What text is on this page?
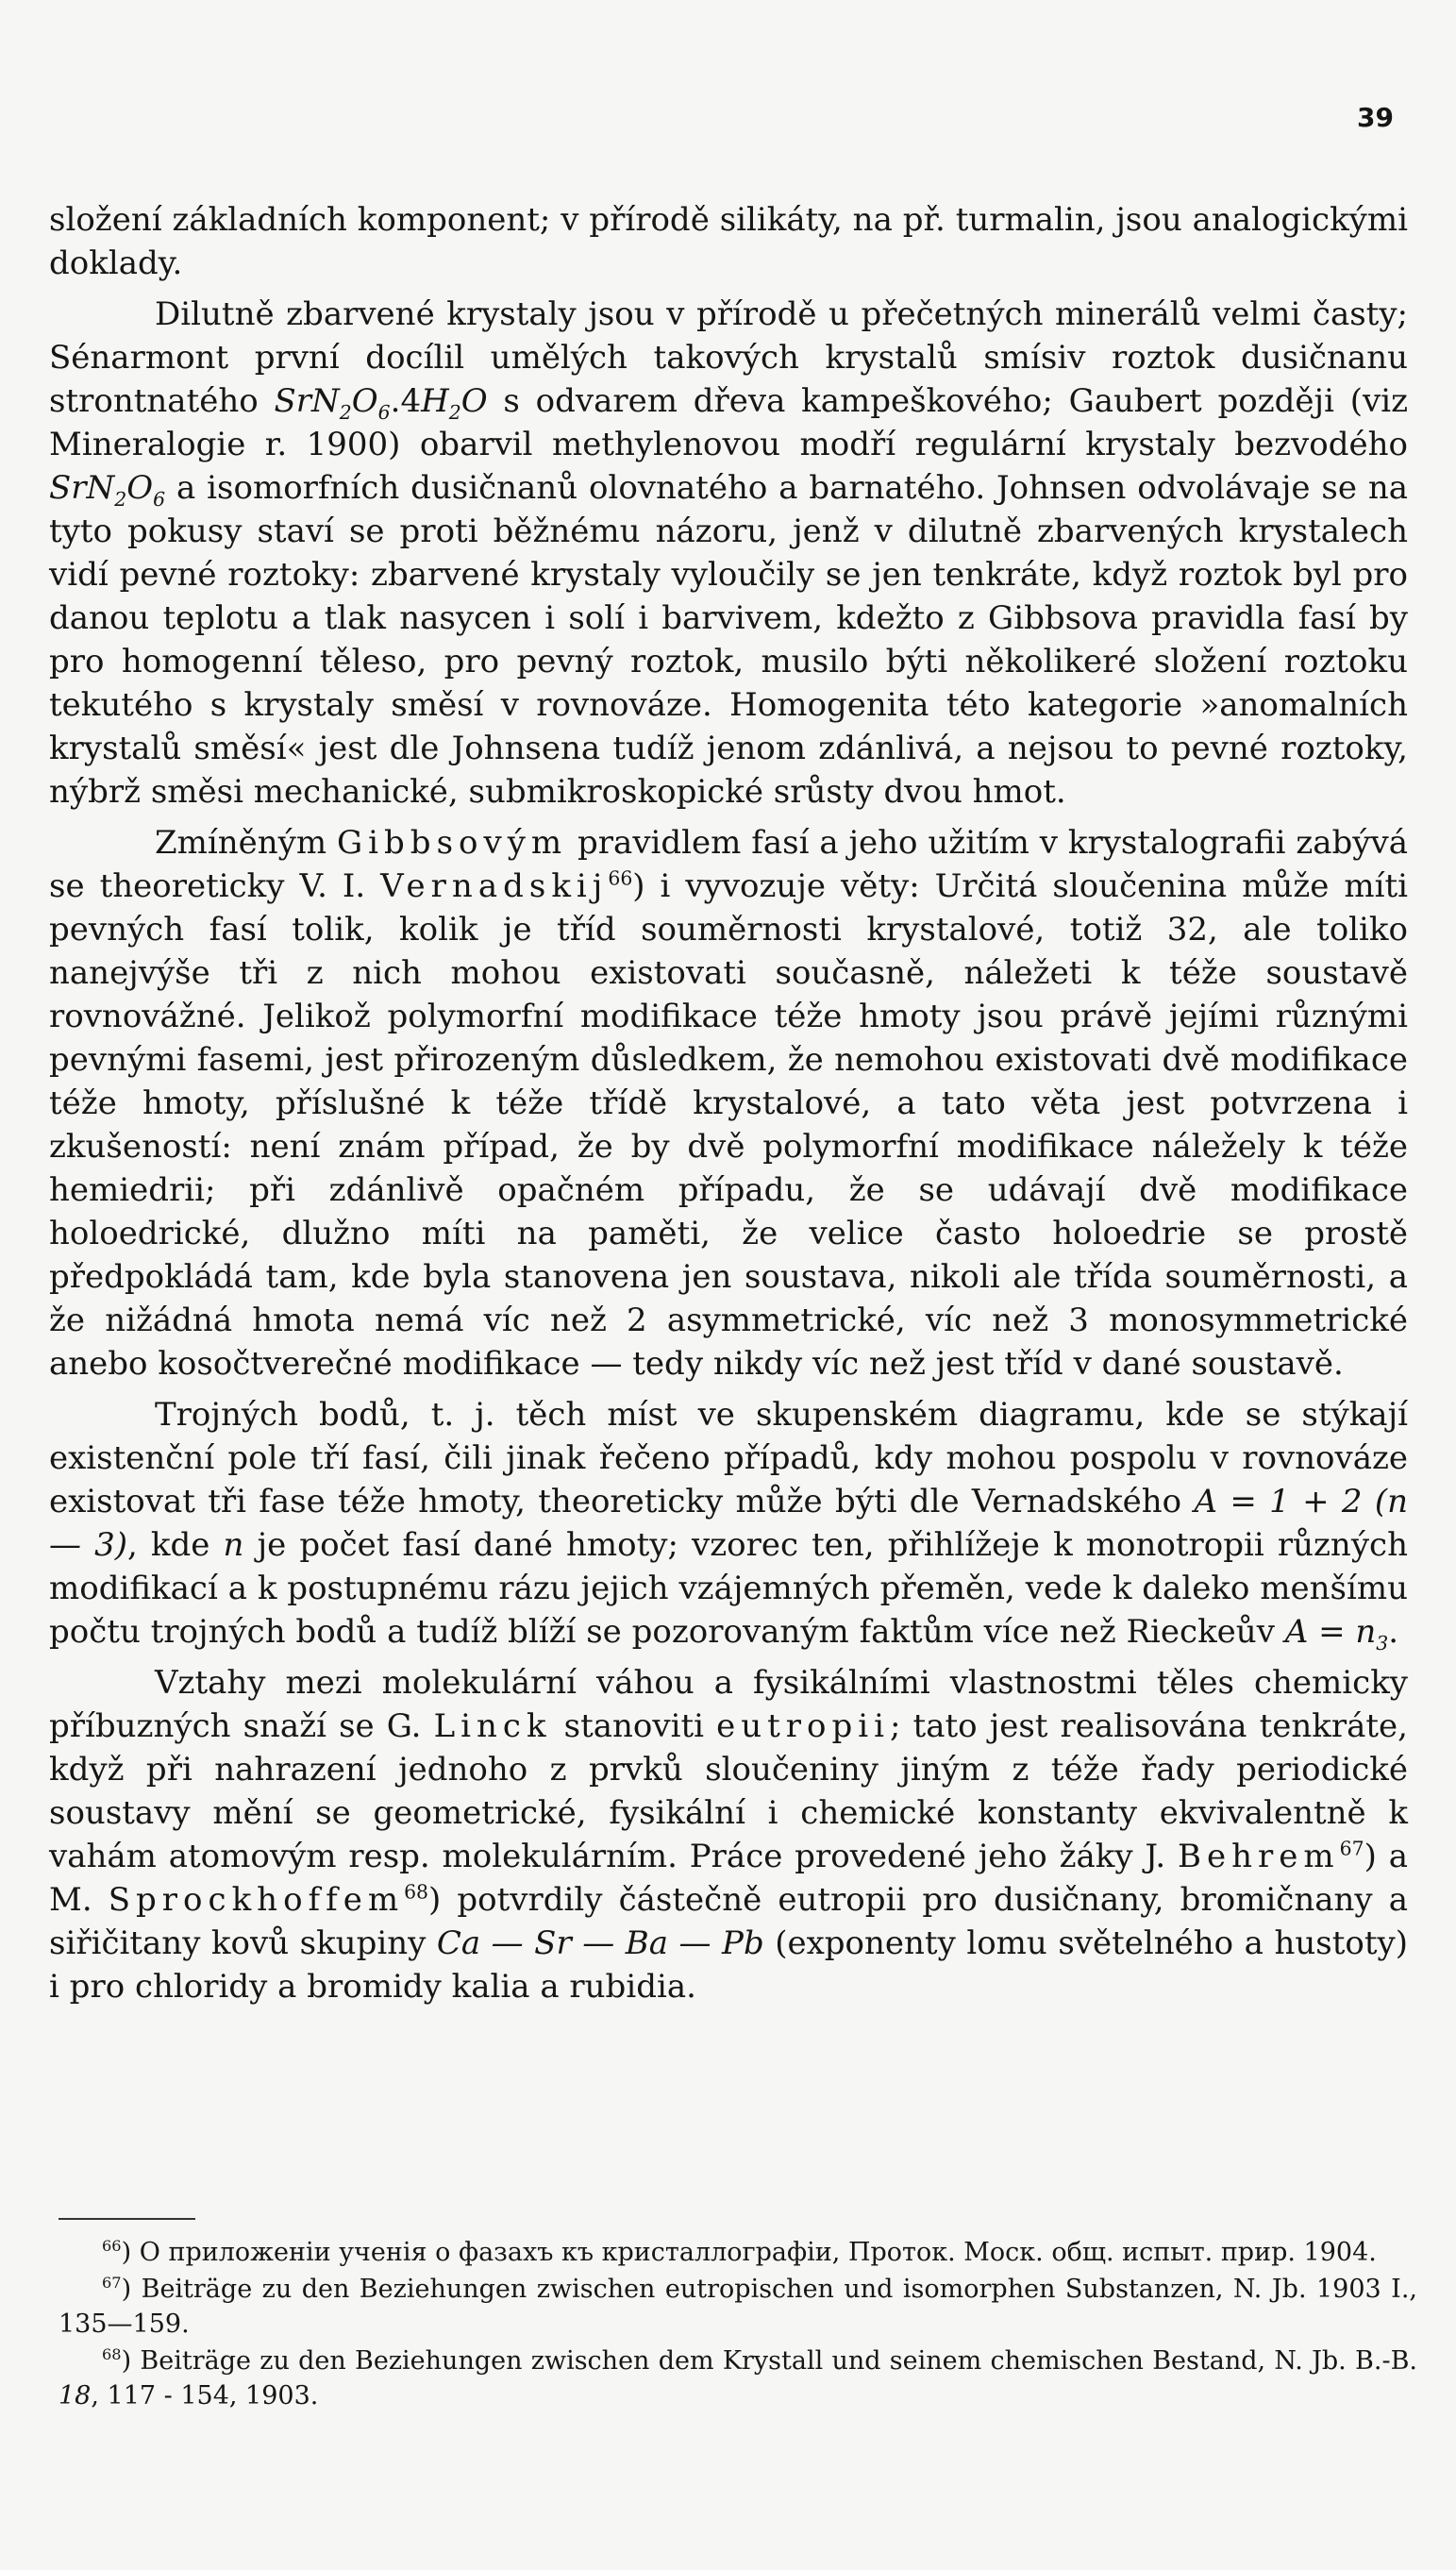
39

složení základních komponent; v přírodě silikáty, na př. turmalin, jsou analogickými doklady.

Dilutně zbarvené krystaly jsou v přírodě u přečetných minerálů velmi časty; Sénarmont první docílil umělých takových krystalů smísiv roztok dusičnanu strontnatého $SrN_2O_6.4H_2O$ s odvarem dřeva kampeškového; Gaubert později (viz Mineralogie r. 1900) obarvil methylenovou modří regulární krystaly bezvodého $SrN_2O_6$ a isomorfních dusičnanů olovnatého a barnatého. Johnsen odvolávaje se na tyto pokusy staví se proti běžnému názoru, jenž v dilutně zbarvených krystalech vidí pevné roztoky: zbarvené krystaly vyloučily se jen tenkráte, když roztok byl pro danou teplotu a tlak nasycen i solí i barvivem, kdežto z Gibbsova pravidla fasí by pro homogenní těleso, pro pevný roztok, musilo býti několikeré složení roztoku tekutého s krystaly směsí v rovnováze. Homogenita této kategorie »anomalních krystalů směsí« jest dle Johnsena tudíž jenom zdánlivá, a nejsou to pevné roztoky, nýbrž směsi mechanické, submikroskopické srůsty dvou hmot.

Zmíněným Gibbsovým pravidlem fasí a jeho užitím v krystalografii zabývá se theoreticky V. I. Vernadskij$^{66}$) i vyvozuje věty: Určitá sloučenina může míti pevných fasí tolik, kolik je tříd souměrnosti krystalové, totiž 32, ale toliko nanejvýše tři z nich mohou existovati současně, náležeti k téže soustavě rovnovážné. Jelikož polymorfní modifikace téže hmoty jsou právě jejími různými pevnými fasemi, jest přirozeným důsledkem, že nemohou existovati dvě modifikace téže hmoty, příslušné k téže třídě krystalové, a tato věta jest potvrzena i zkušeností: není znám případ, že by dvě polymorfní modifikace náležely k téže hemiedrii; při zdánlivě opačném případu, že se udávají dvě modifikace holoedrické, dlužno míti na paměti, že velice často holoedrie se prostě předpokládá tam, kde byla stanovena jen soustava, nikoli ale třída souměrnosti, a že nižádná hmota nemá víc než 2 asymmetrické, víc než 3 monosymmetrické anebo kosočtverečné modifikace — tedy nikdy víc než jest tříd v dané soustavě.

Trojných bodů, t. j. těch míst ve skupenském diagramu, kde se stýkají existenční pole tří fasí, čili jinak řečeno případů, kdy mohou pospolu v rovnováze existovat tři fase téže hmoty, theoreticky může býti dle Vernadského A = 1 + 2 (n — 3), kde n je počet fasí dané hmoty; vzorec ten, přihlížeje k monotropii různých modifikací a k postupnému rázu jejich vzájemných přeměn, vede k daleko menšímu počtu trojných bodů a tudíž blíží se pozorovaným faktům více než Rieckeův $A = n_3$.

Vztahy mezi molekulární váhou a fysikálními vlastnostmi těles chemicky příbuzných snaží se G. Linck stanoviti eutropii; tato jest realisována tenkráte, když při nahrazení jednoho z prvků sloučeniny jiným z téže řady periodické soustavy mění se geometrické, fysikální i chemické konstanty ekvivalentně k vahám atomovým resp. molekulárním. Práce provedené jeho žáky J. Behrem$^{67}$) a M. Sprockhoffem$^{68}$) potvrdily částečně eutropii pro dusičnany, bromičnany a siřičitany kovů skupiny Ca — Sr — Ba — Pb (exponenty lomu světelného a hustoty) i pro chloridy a bromidy kalia a rubidia.

$^{66}$) О приложенiи ученiя о фазахъ къ кристаллографiи, Проток. Моск. общ. испыт. прир. 1904.

$^{67}$) Beiträge zu den Beziehungen zwischen eutropischen und isomorphen Substanzen, N. Jb. 1903 I., 135—159.

$^{68}$) Beiträge zu den Beziehungen zwischen dem Krystall und seinem chemischen Bestand, N. Jb. B.-B. 18, 117 - 154, 1903.
